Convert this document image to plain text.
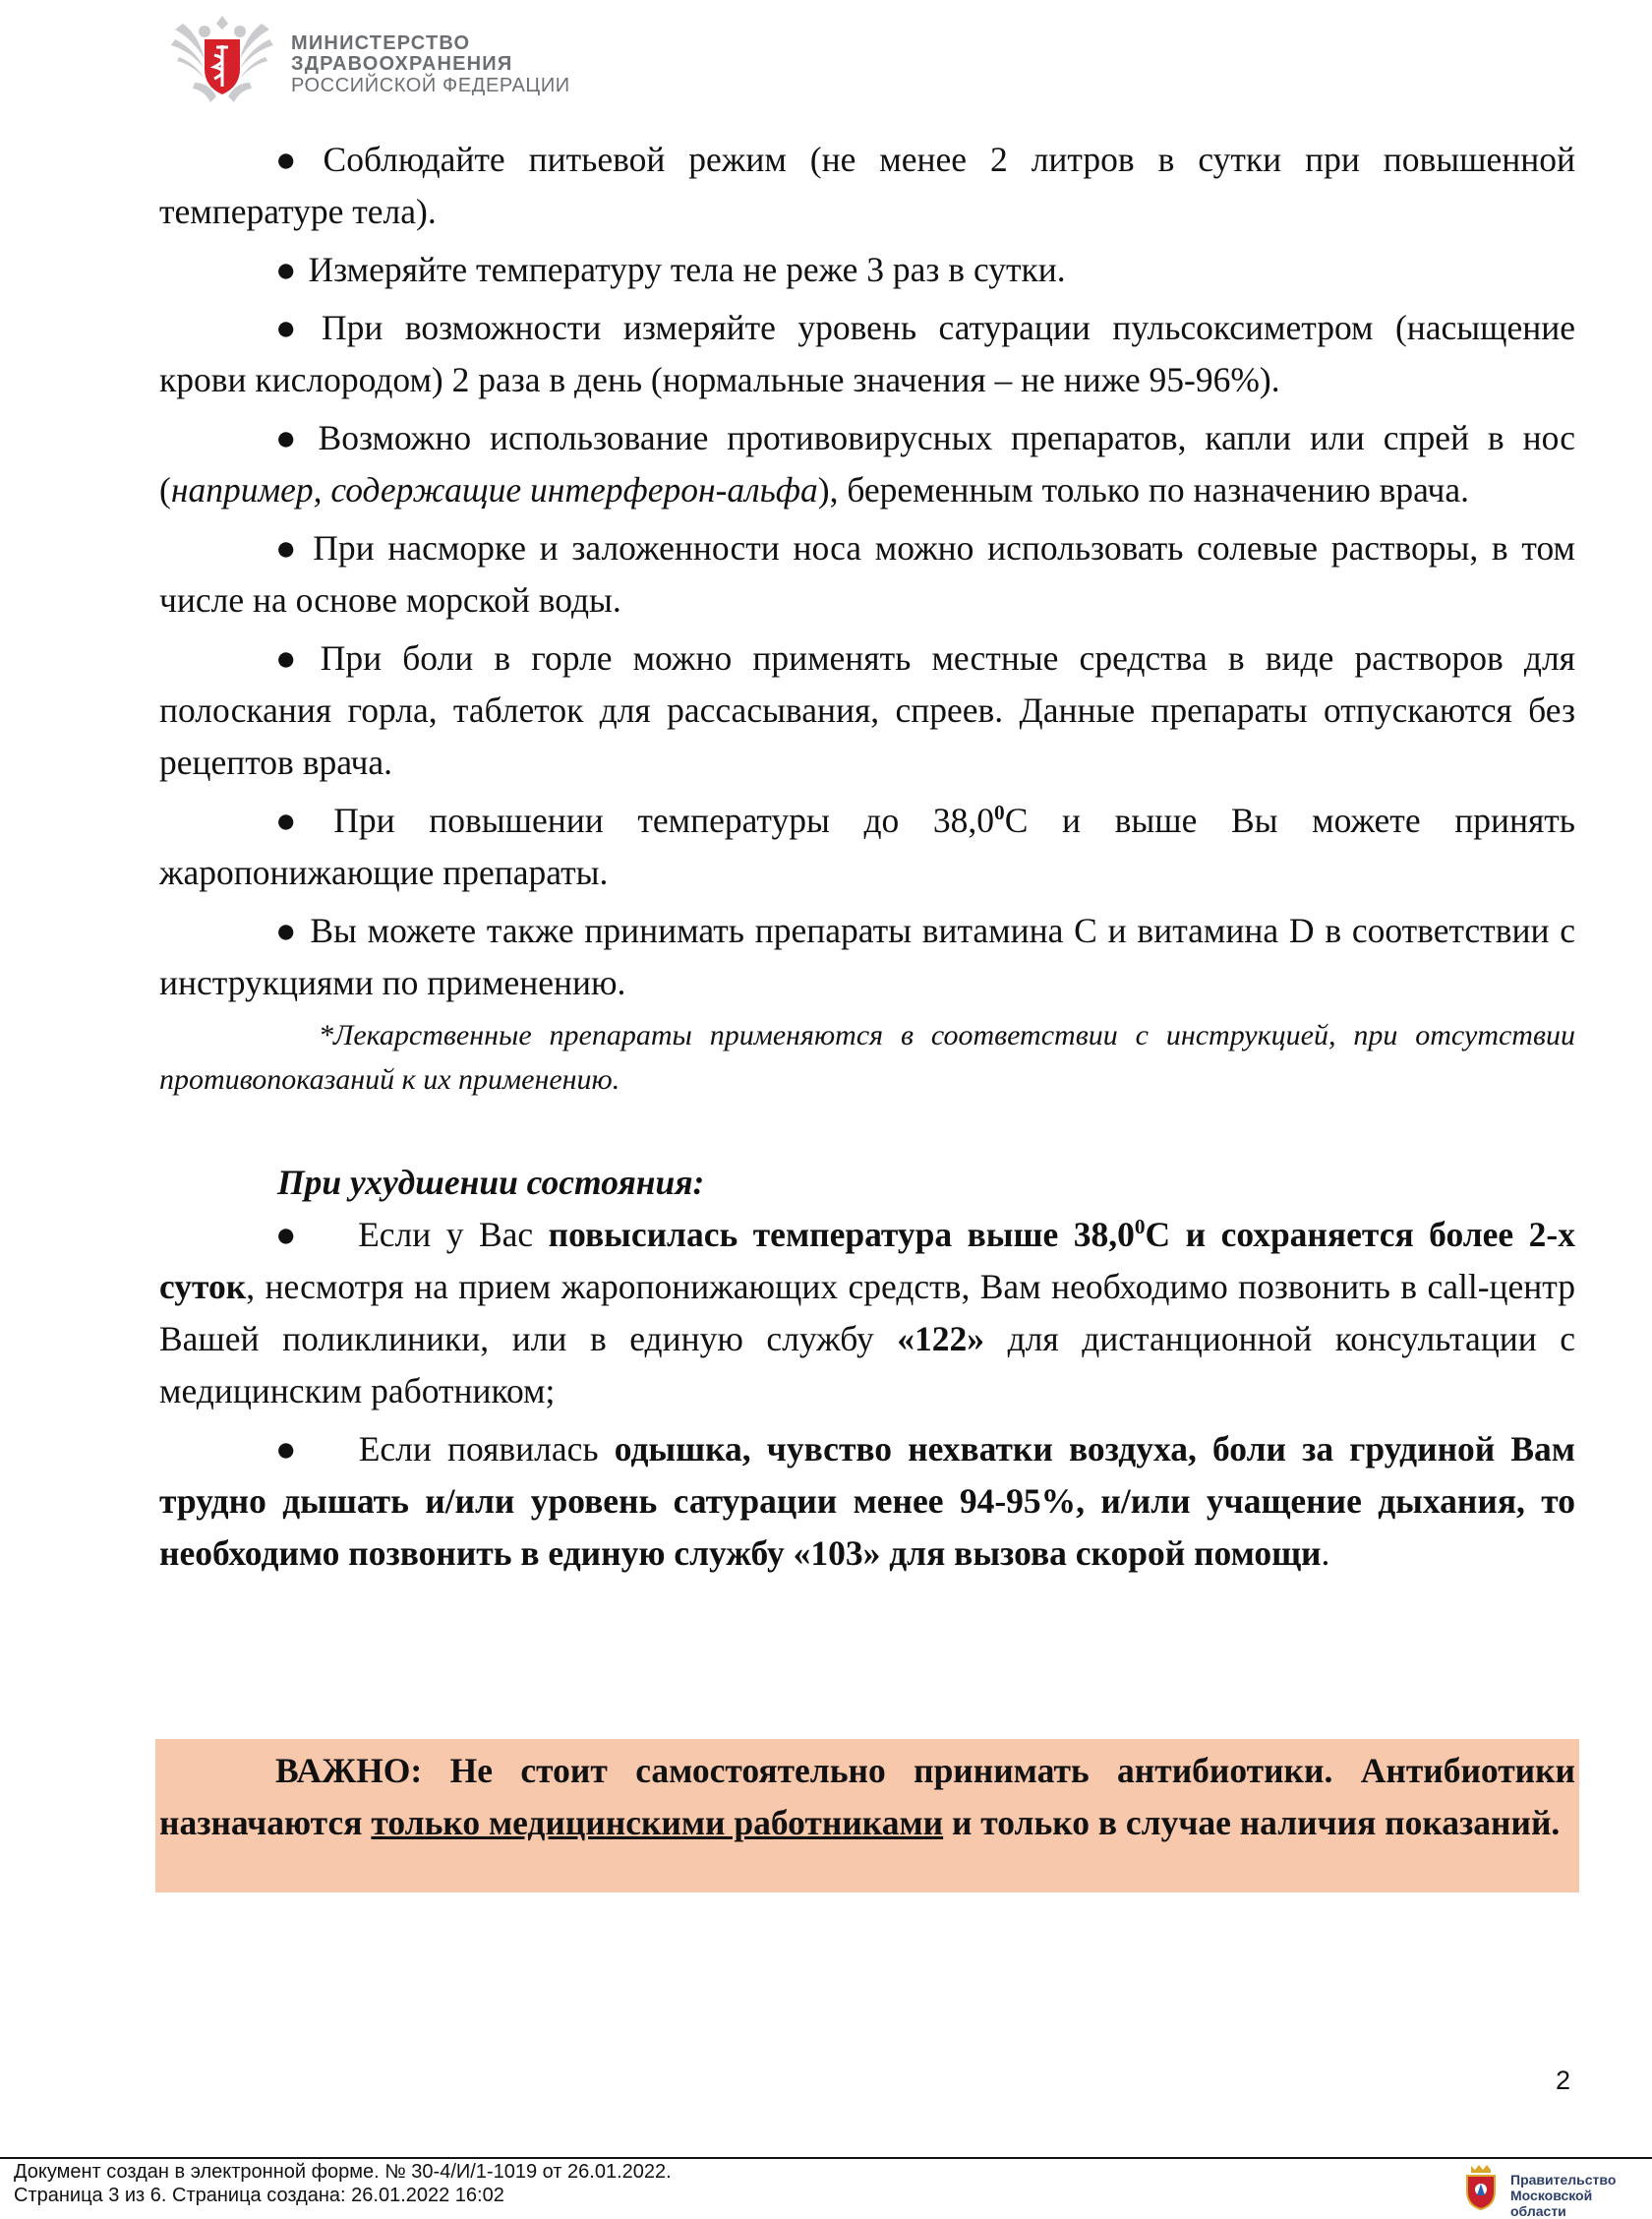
МИНИСТЕРСТВО
ЗДРАВООХРАНЕНИЯ
РОССИЙСКОЙ ФЕДЕРАЦИИ

● Соблюдайте питьевой режим (не менее 2 литров в сутки при повышенной температуре тела).

● Измеряйте температуру тела не реже 3 раз в сутки.

● При возможности измеряйте уровень сатурации пульсоксиметром (насыщение крови кислородом) 2 раза в день (нормальные значения – не ниже 95-96%).

● Возможно использование противовирусных препаратов, капли или спрей в нос (например, содержащие интерферон-альфа), беременным только по назначению врача.

● При насморке и заложенности носа можно использовать солевые растворы, в том числе на основе морской воды.

● При боли в горле можно применять местные средства в виде растворов для полоскания горла, таблеток для рассасывания, спреев. Данные препараты отпускаются без рецептов врача.

● При повышении температуры до 38,0$^0$С и выше Вы можете принять жаропонижающие препараты.

● Вы можете также принимать препараты витамина С и витамина D в соответствии с инструкциями по применению.

*Лекарственные препараты применяются в соответствии с инструкцией, при отсутствии противопоказаний к их применению.

При ухудшении состояния:

● Если у Вас повысилась температура выше 38,0$^0$С и сохраняется более 2-х суток, несмотря на прием жаропонижающих средств, Вам необходимо позвонить в call-центр Вашей поликлиники, или в единую службу «122» для дистанционной консультации с медицинским работником;

● Если появилась одышка, чувство нехватки воздуха, боли за грудиной Вам трудно дышать и/или уровень сатурации менее 94-95%, и/или учащение дыхания, то необходимо позвонить в единую службу «103» для вызова скорой помощи.

ВАЖНО: Не стоит самостоятельно принимать антибиотики. Антибиотики назначаются только медицинскими работниками и только в случае наличия показаний.

2
Документ создан в электронной форме. № 30-4/И/1-1019 от 26.01.2022.
Страница 3 из 6. Страница создана: 26.01.2022 16:02
Правительство
Московской области
